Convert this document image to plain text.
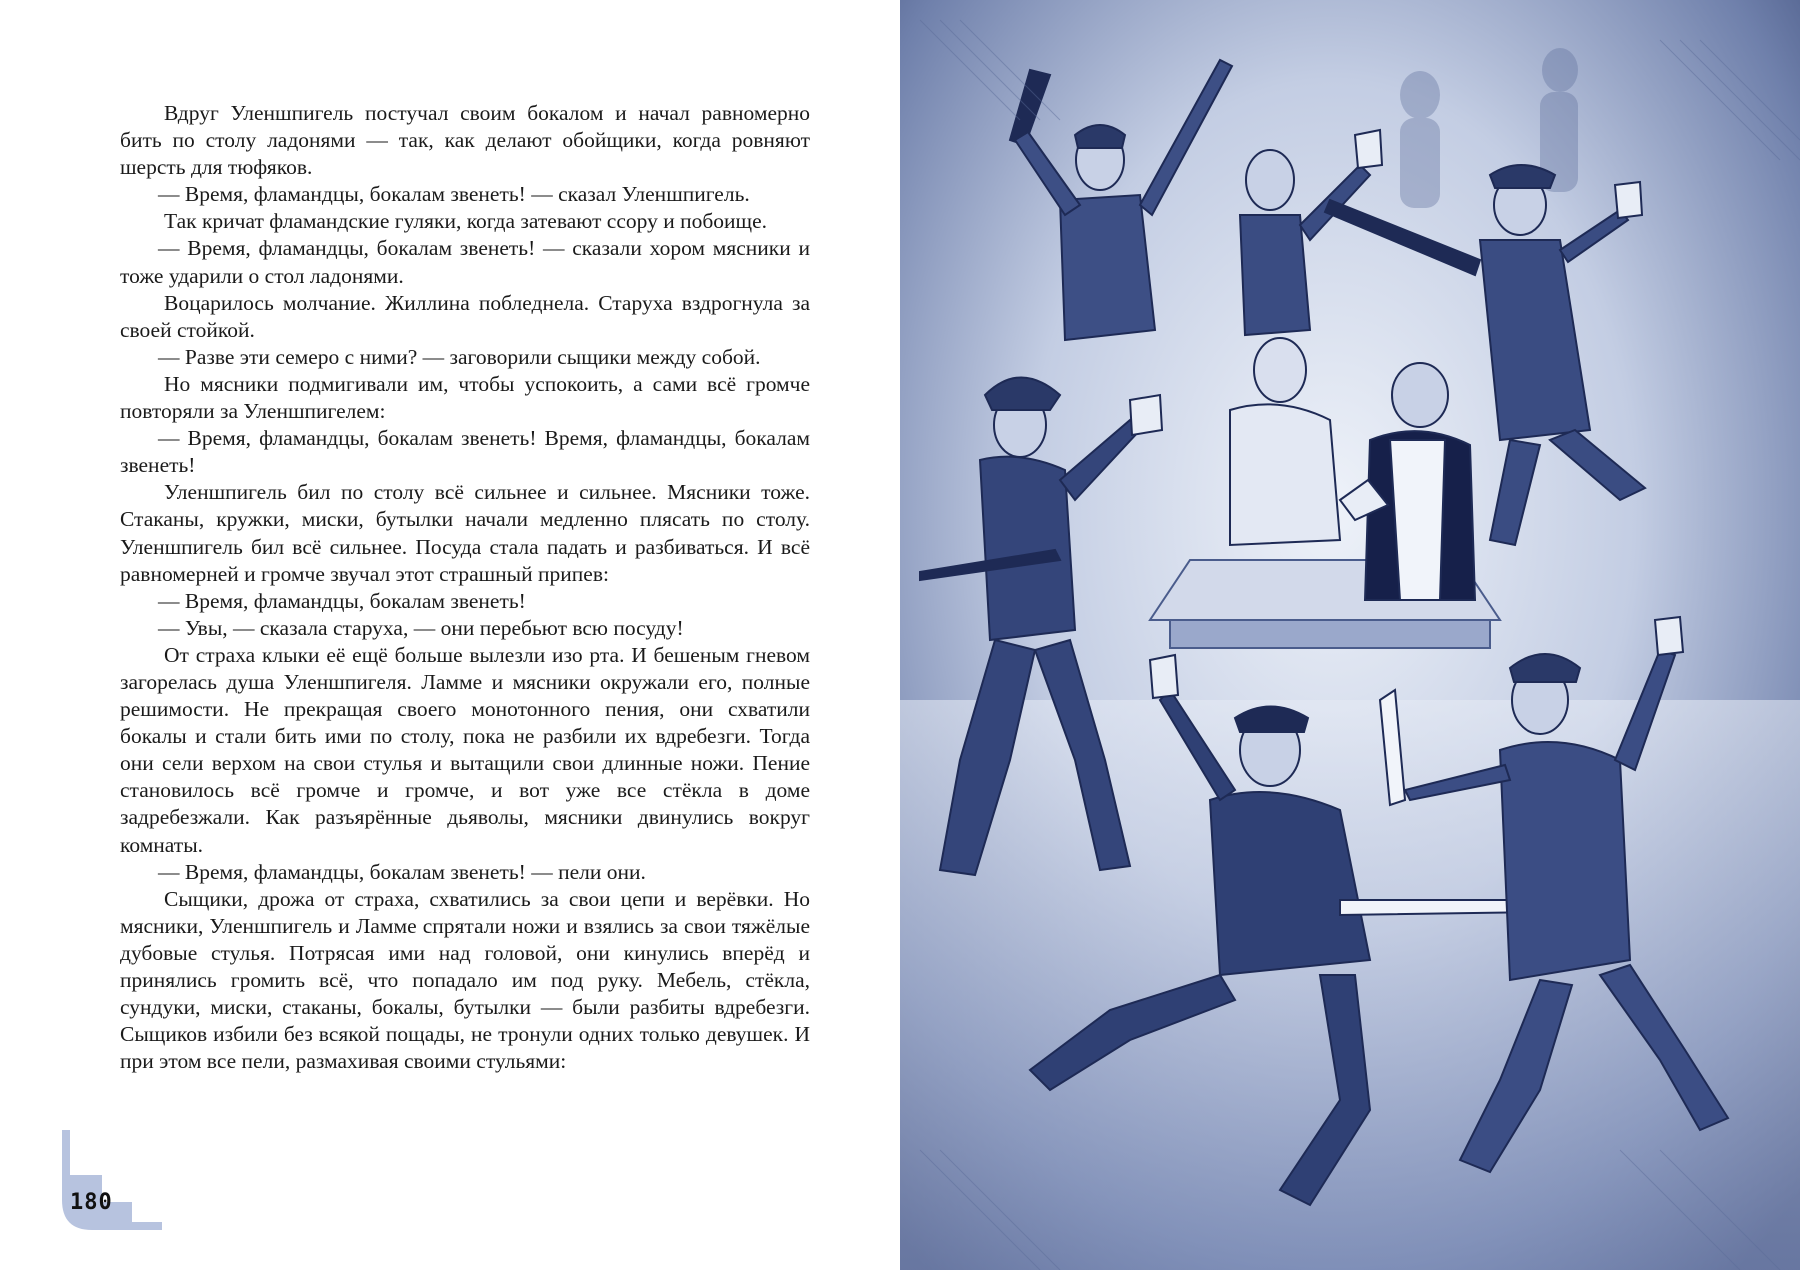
Вдруг Уленшпигель постучал своим бокалом и начал равномерно бить по столу ладонями — так, как делают обойщики, когда ровняют шерсть для тюфяков.

— Время, фламандцы, бокалам звенеть! — сказал Уленшпигель.

Так кричат фламандские гуляки, когда затевают ссору и побоище.

— Время, фламандцы, бокалам звенеть! — сказали хором мясники и тоже ударили о стол ладонями.

Воцарилось молчание. Жиллина побледнела. Старуха вздрогнула за своей стойкой.

— Разве эти семеро с ними? — заговорили сыщики между собой.

Но мясники подмигивали им, чтобы успокоить, а сами всё громче повторяли за Уленшпигелем:

— Время, фламандцы, бокалам звенеть! Время, фламандцы, бокалам звенеть!

Уленшпигель бил по столу всё сильнее и сильнее. Мясники тоже. Стаканы, кружки, миски, бутылки начали медленно плясать по столу. Уленшпигель бил всё сильнее. Посуда стала падать и разбиваться. И всё равномерней и громче звучал этот страшный припев:

— Время, фламандцы, бокалам звенеть!

— Увы, — сказала старуха, — они перебьют всю посуду!

От страха клыки её ещё больше вылезли изо рта. И бешеным гневом загорелась душа Уленшпигеля. Ламме и мясники окружали его, полные решимости. Не прекращая своего монотонного пения, они схватили бокалы и стали бить ими по столу, пока не разбили их вдребезги. Тогда они сели верхом на свои стулья и вытащили свои длинные ножи. Пение становилось всё громче и громче, и вот уже все стёкла в доме задребезжали. Как разъярённые дьяволы, мясники двинулись вокруг комнаты.

— Время, фламандцы, бокалам звенеть! — пели они.

Сыщики, дрожа от страха, схватились за свои цепи и верёвки. Но мясники, Уленшпигель и Ламме спрятали ножи и взялись за свои тяжёлые дубовые стулья. Потрясая ими над головой, они кинулись вперёд и принялись громить всё, что попадало им под руку. Мебель, стёкла, сундуки, миски, стаканы, бокалы, бутылки — были разбиты вдребезги. Сыщиков избили без всякой пощады, не тронули одних только девушек. И при этом все пели, размахивая своими стульями:

180
